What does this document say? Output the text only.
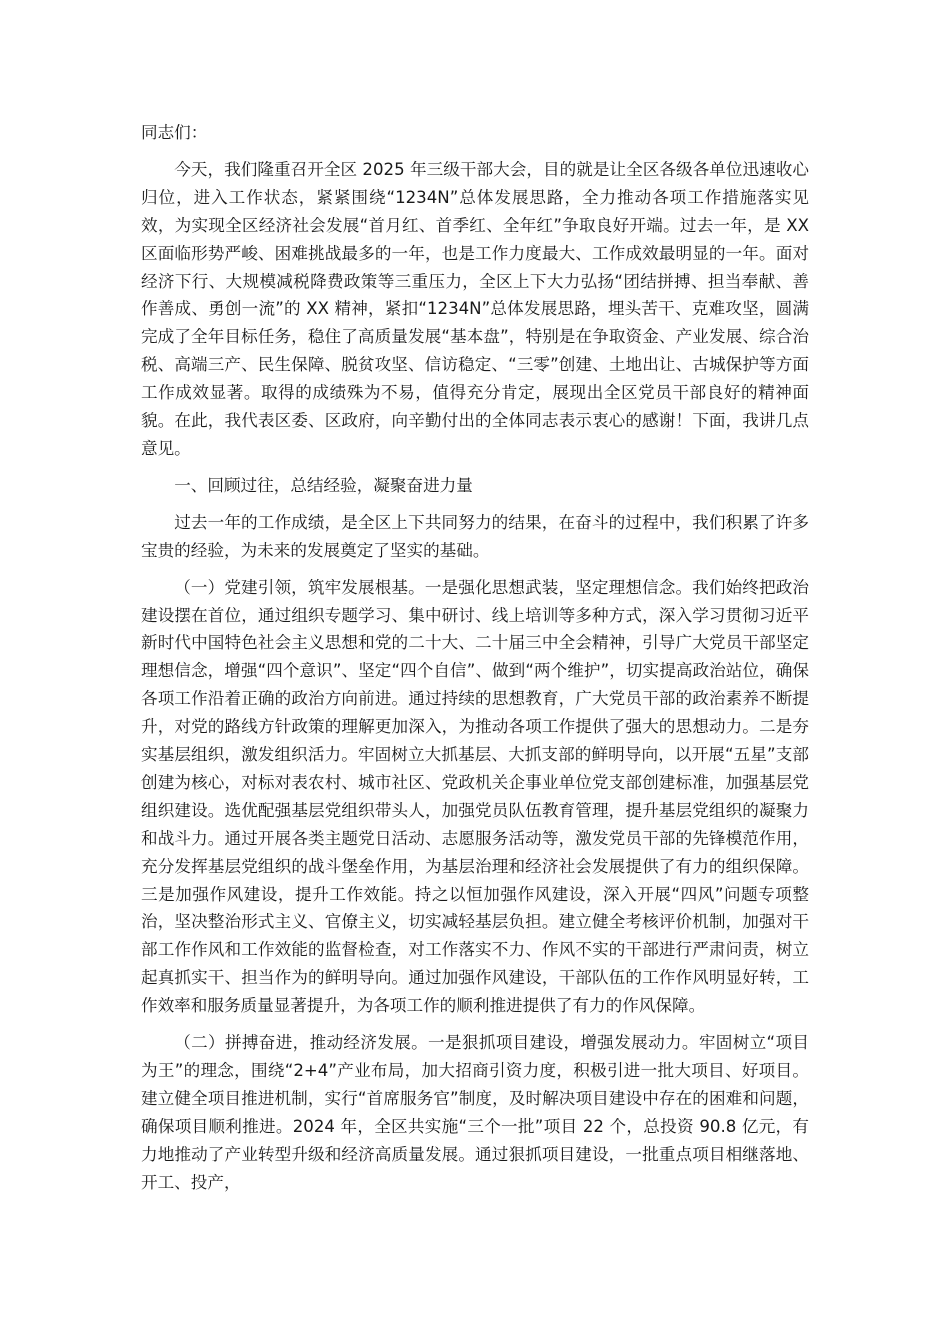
同志们：

今天，我们隆重召开全区 2025 年三级干部大会，目的就是让全区各级各单位迅速收心归位，进入工作状态，紧紧围绕“1234N”总体发展思路，全力推动各项工作措施落实见效，为实现全区经济社会发展“首月红、首季红、全年红”争取良好开端。过去一年，是 XX 区面临形势严峻、困难挑战最多的一年，也是工作力度最大、工作成效最明显的一年。面对经济下行、大规模减税降费政策等三重压力，全区上下大力弘扬“团结拼搏、担当奉献、善作善成、勇创一流”的 XX 精神，紧扣“1234N”总体发展思路，埋头苦干、克难攻坚，圆满完成了全年目标任务，稳住了高质量发展“基本盘”，特别是在争取资金、产业发展、综合治税、高端三产、民生保障、脱贫攻坚、信访稳定、“三零”创建、土地出让、古城保护等方面工作成效显著。取得的成绩殊为不易，值得充分肯定，展现出全区党员干部良好的精神面貌。在此，我代表区委、区政府，向辛勤付出的全体同志表示衷心的感谢！下面，我讲几点意见。

一、回顾过往，总结经验，凝聚奋进力量

过去一年的工作成绩，是全区上下共同努力的结果，在奋斗的过程中，我们积累了许多宝贵的经验，为未来的发展奠定了坚实的基础。

（一）党建引领，筑牢发展根基。一是强化思想武装，坚定理想信念。我们始终把政治建设摆在首位，通过组织专题学习、集中研讨、线上培训等多种方式，深入学习贯彻习近平新时代中国特色社会主义思想和党的二十大、二十届三中全会精神，引导广大党员干部坚定理想信念，增强“四个意识”、坚定“四个自信”、做到“两个维护”，切实提高政治站位，确保各项工作沿着正确的政治方向前进。通过持续的思想教育，广大党员干部的政治素养不断提升，对党的路线方针政策的理解更加深入，为推动各项工作提供了强大的思想动力。二是夯实基层组织，激发组织活力。牢固树立大抓基层、大抓支部的鲜明导向，以开展“五星”支部创建为核心，对标对表农村、城市社区、党政机关企事业单位党支部创建标准，加强基层党组织建设。选优配强基层党组织带头人，加强党员队伍教育管理，提升基层党组织的凝聚力和战斗力。通过开展各类主题党日活动、志愿服务活动等，激发党员干部的先锋模范作用，充分发挥基层党组织的战斗堡垒作用，为基层治理和经济社会发展提供了有力的组织保障。三是加强作风建设，提升工作效能。持之以恒加强作风建设，深入开展“四风”问题专项整治，坚决整治形式主义、官僚主义，切实减轻基层负担。建立健全考核评价机制，加强对干部工作作风和工作效能的监督检查，对工作落实不力、作风不实的干部进行严肃问责，树立起真抓实干、担当作为的鲜明导向。通过加强作风建设，干部队伍的工作作风明显好转，工作效率和服务质量显著提升，为各项工作的顺利推进提供了有力的作风保障。

（二）拼搏奋进，推动经济发展。一是狠抓项目建设，增强发展动力。牢固树立“项目为王”的理念，围绕“2+4”产业布局，加大招商引资力度，积极引进一批大项目、好项目。建立健全项目推进机制，实行“首席服务官”制度，及时解决项目建设中存在的困难和问题，确保项目顺利推进。2024 年，全区共实施“三个一批”项目 22 个，总投资 90.8 亿元，有力地推动了产业转型升级和经济高质量发展。通过狠抓项目建设，一批重点项目相继落地、开工、投产，
